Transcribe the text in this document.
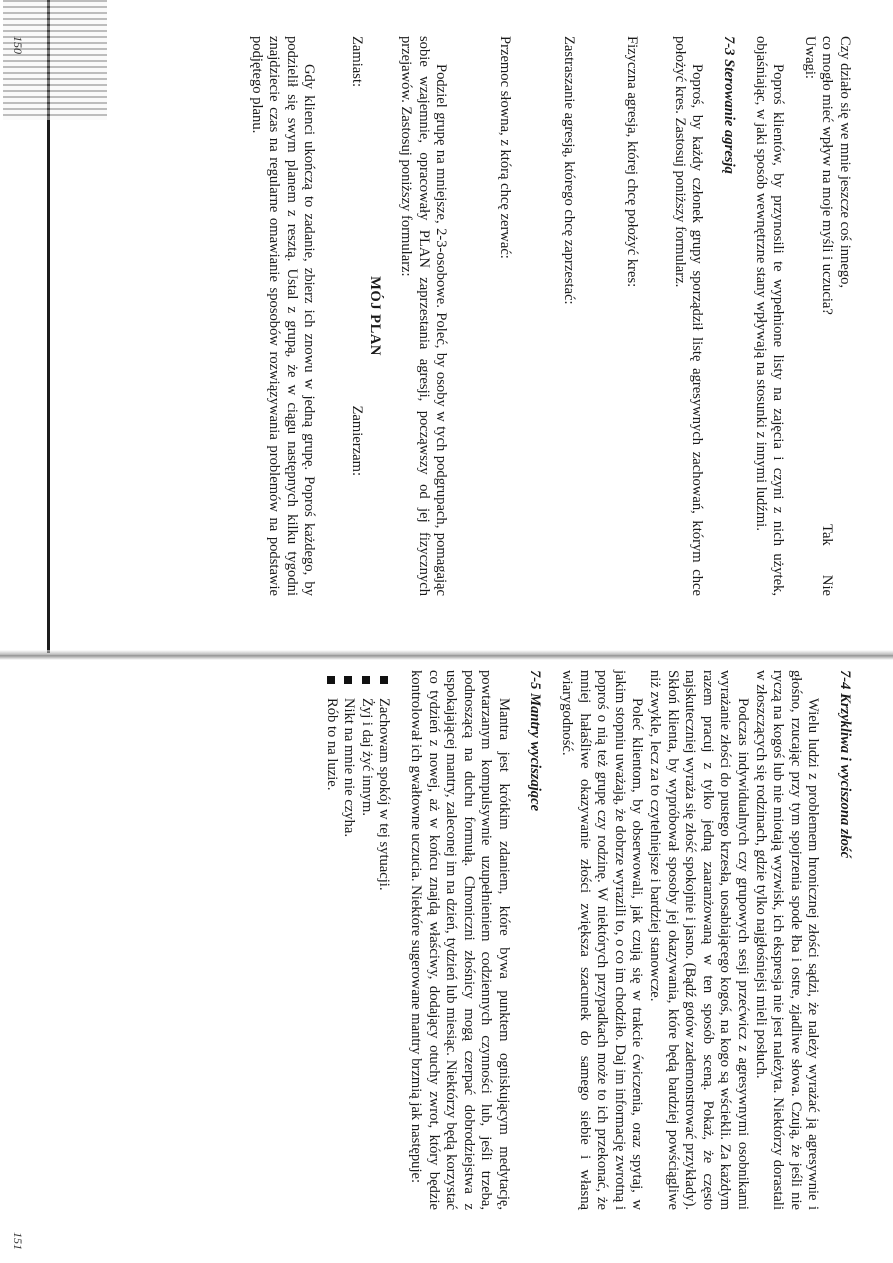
Czy działo się we mnie jeszcze coś innego,
co mogło mieć wpływ na moje myśli i uczucia?
Tak        Nie
Uwagi:

Poproś klientów, by przynosili te wypełnione listy na zajęcia i czyni z nich użytek, objaśniając, w jaki sposób wewnętrzne stany wpływają na stosunki z innymi ludźmi.

7-3 Sterowanie agresją

Poproś, by każdy członek grupy sporządził listę agresywnych zachowań, którym chce położyć kres. Zastosuj poniższy formularz.

Fizyczna agresja, której chcę położyć kres:
Zastraszanie agresją, którego chcę zaprzestać:
Przemoc słowna, z którą chcę zerwać:

Podziel grupę na mniejsze, 2-3-osobowe. Poleć, by osoby w tych podgrupach, pomagając sobie wzajemnie, opracowały PLAN zaprzestania agresji, począwszy od jej fizycznych przejawów. Zastosuj poniższy formularz:

MÓJ PLAN
Zamiast:
Zamierzam:

Gdy klienci ukończą to zadanie, zbierz ich znowu w jedną grupę. Poproś każdego, by podzielił się swym planem z resztą. Ustal z grupą, że w ciągu następnych kilku tygodni znajdziecie czas na regularne omawianie sposobów rozwiązywania problemów na podstawie podjętego planu.

150
7-4 Krzykliwa i wyciszona złość

Wielu ludzi z problemem hronicznej złości sądzi, że należy wyrażać ją agresywnie i głośno, rzucając przy tym spojrzenia spode łba i ostre, zjadliwe słowa. Czują, że jeśli nie ryczą na kogoś lub nie miotają wyzwisk, ich ekspresja nie jest należyta. Niektórzy dorastali w złoszczących się rodzinach, gdzie tylko najgłośniejsi mieli posłuch.

Podczas indywidualnych czy grupowych sesji przećwicz z agresywnymi osobnikami wyrażanie złości do pustego krzesła, uosabiającego kogoś, na kogo są wściekli. Za każdym razem pracuj z tylko jedną zaaranżowaną w ten sposób sceną. Pokaż, że często najskuteczniej wyraża się złość spokojnie i jasno. (Bądź gotów zademonstrować przykłady). Skłoń klienta, by wypróbował sposoby jej okazywania, które będą bardziej powściągliwe niż zwykle, lecz za to czytelniejsze i bardziej stanowcze.

Poleć klientom, by obserwowali, jak czują się w trakcie ćwiczenia, oraz spytaj, w jakim stopniu uważają, że dobrze wyrazili to, o co im chodziło. Daj im informację zwrotną i poproś o nią też grupę czy rodzinę. W niektórych przypadkach może to ich przekonać, że mniej hałaśliwe okazywanie złości zwiększa szacunek do samego siebie i własną wiarygodność.

7-5 Mantry wyciszające

Mantra jest krótkim zdaniem, które bywa punktem ogniskującym medytację, powtarzanym kompulsywnie uzupełnieniem codziennych czynności lub, jeśli trzeba, podnoszącą na duchu formułą. Chroniczni złośnicy mogą czerpać dobrodziejstwa z uspokajającej mantry, zaleconej im na dzień, tydzień lub miesiąc. Niektórzy będą korzystać co tydzień z nowej, aż w końcu znajdą właściwy, dodający otuchy zwrot, który będzie kontrolował ich gwałtowne uczucia. Niektóre sugerowane mantry brzmią jak następuje:

Zachowam spokój w tej sytuacji.
Żyj i daj żyć innym.
Nikt na mnie nie czyha.
Rób to na luzie.
151
